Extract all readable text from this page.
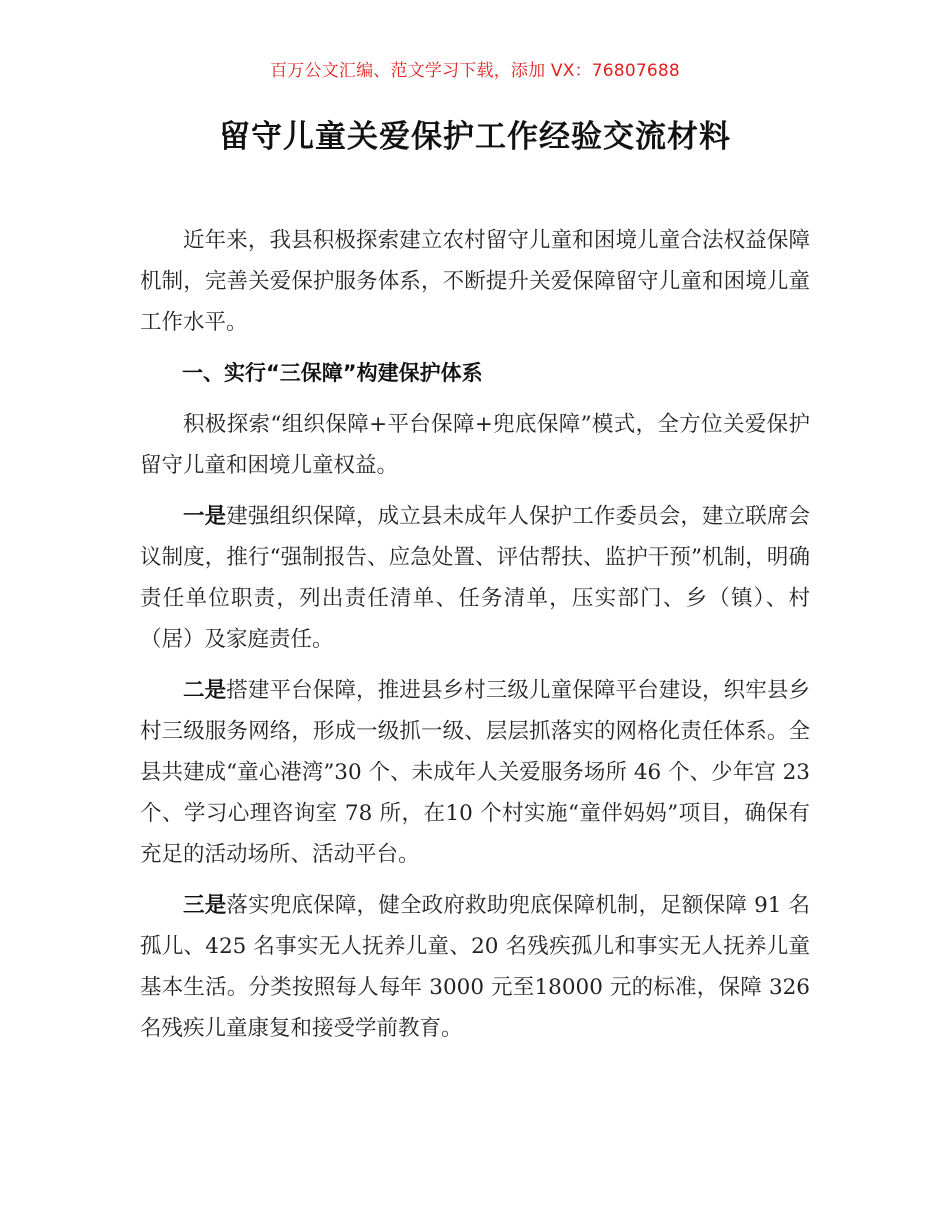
百万公文汇编、范文学习下载，添加 VX：76807688
留守儿童关爱保护工作经验交流材料

近年来，我县积极探索建立农村留守儿童和困境儿童合法权益保障机制，完善关爱保护服务体系，不断提升关爱保障留守儿童和困境儿童工作水平。

一、实行“三保障”构建保护体系

积极探索“组织保障+平台保障+兜底保障”模式，全方位关爱保护留守儿童和困境儿童权益。

一是建强组织保障，成立县未成年人保护工作委员会，建立联席会议制度，推行“强制报告、应急处置、评估帮扶、监护干预”机制，明确责任单位职责，列出责任清单、任务清单，压实部门、乡（镇）、村（居）及家庭责任。

二是搭建平台保障，推进县乡村三级儿童保障平台建设，织牢县乡村三级服务网络，形成一级抓一级、层层抓落实的网格化责任体系。全县共建成“童心港湾”30 个、未成年人关爱服务场所 46 个、少年宫 23 个、学习心理咨询室 78 所，在10 个村实施“童伴妈妈”项目，确保有充足的活动场所、活动平台。

三是落实兜底保障，健全政府救助兜底保障机制，足额保障 91 名孤儿、425 名事实无人抚养儿童、20 名残疾孤儿和事实无人抚养儿童基本生活。分类按照每人每年 3000 元至18000 元的标准，保障 326 名残疾儿童康复和接受学前教育。
